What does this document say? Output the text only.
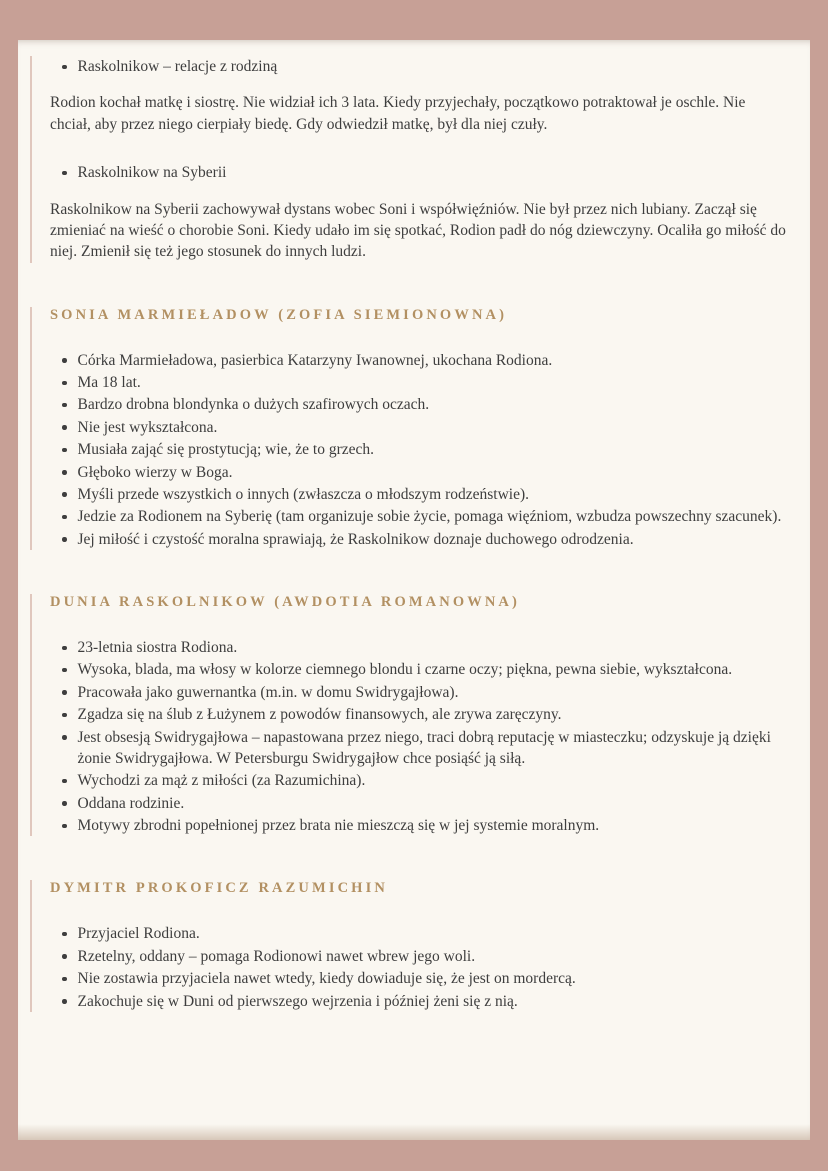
Raskolnikow – relacje z rodziną

Rodion kochał matkę i siostrę. Nie widział ich 3 lata. Kiedy przyjechały, początkowo potraktował je oschle. Nie chciał, aby przez niego cierpiały biedę. Gdy odwiedził matkę, był dla niej czuły.

Raskolnikow na Syberii

Raskolnikow na Syberii zachowywał dystans wobec Soni i współwięźniów. Nie był przez nich lubiany. Zaczął się zmieniać na wieść o chorobie Soni. Kiedy udało im się spotkać, Rodion padł do nóg dziewczyny. Ocaliła go miłość do niej. Zmienił się też jego stosunek do innych ludzi.

SONIA MARMIEŁADOW (ZOFIA SIEMIONOWNA)
Córka Marmieładowa, pasierbica Katarzyny Iwanownej, ukochana Rodiona.
Ma 18 lat.
Bardzo drobna blondynka o dużych szafirowych oczach.
Nie jest wykształcona.
Musiała zająć się prostytucją; wie, że to grzech.
Głęboko wierzy w Boga.
Myśli przede wszystkich o innych (zwłaszcza o młodszym rodzeństwie).
Jedzie za Rodionem na Syberię (tam organizuje sobie życie, pomaga więźniom, wzbudza powszechny szacunek).
Jej miłość i czystość moralna sprawiają, że Raskolnikow doznaje duchowego odrodzenia.
DUNIA RASKOLNIKOW (AWDOTIA ROMANOWNA)
23-letnia siostra Rodiona.
Wysoka, blada, ma włosy w kolorze ciemnego blondu i czarne oczy; piękna, pewna siebie, wykształcona.
Pracowała jako guwernantka (m.in. w domu Swidrygajłowa).
Zgadza się na ślub z Łużynem z powodów finansowych, ale zrywa zaręczyny.
Jest obsesją Swidrygajłowa – napastowana przez niego, traci dobrą reputację w miasteczku; odzyskuje ją dzięki żonie Swidrygajłowa. W Petersburgu Swidrygajłow chce posiąść ją siłą.
Wychodzi za mąż z miłości (za Razumichina).
Oddana rodzinie.
Motywy zbrodni popełnionej przez brata nie mieszczą się w jej systemie moralnym.
DYMITR PROKOFICZ RAZUMICHIN
Przyjaciel Rodiona.
Rzetelny, oddany – pomaga Rodionowi nawet wbrew jego woli.
Nie zostawia przyjaciela nawet wtedy, kiedy dowiaduje się, że jest on mordercą.
Zakochuje się w Duni od pierwszego wejrzenia i później żeni się z nią.
